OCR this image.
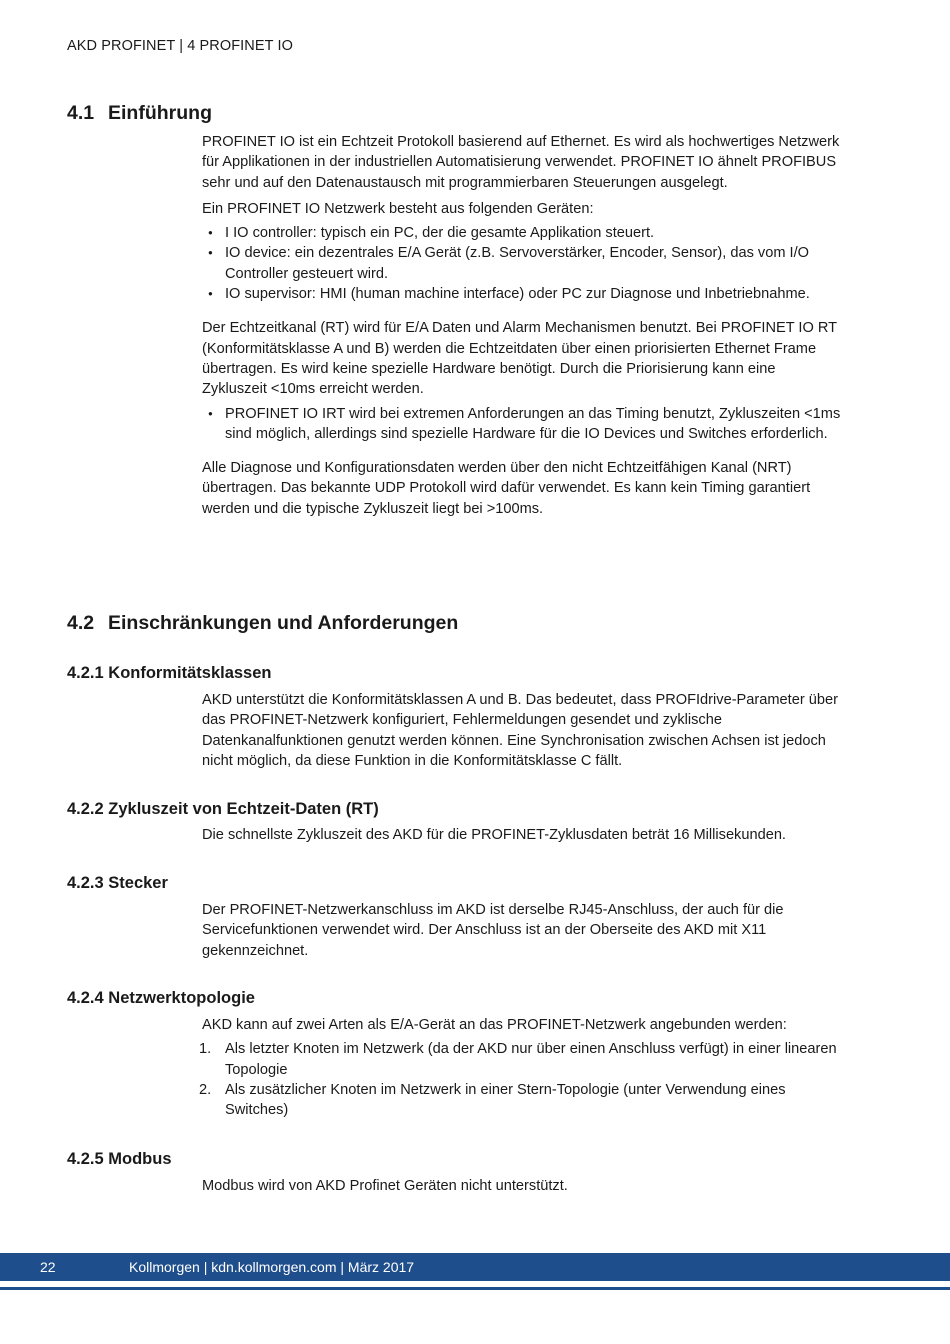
AKD PROFINET | 4 PROFINET IO
4.1 Einführung

PROFINET IO ist ein Echtzeit Protokoll basierend auf Ethernet. Es wird als hochwertiges Netzwerk für Applikationen in der industriellen Automatisierung verwendet. PROFINET IO ähnelt PROFIBUS sehr und auf den Datenaustausch mit programmierbaren Steuerungen ausgelegt.

Ein PROFINET IO Netzwerk besteht aus folgenden Geräten:

● I IO controller: typisch ein PC, der die gesamte Applikation steuert.
● IO device: ein dezentrales E/A Gerät (z.B. Servoverstärker, Encoder, Sensor), das vom I/O Controller gesteuert wird.
● IO supervisor: HMI (human machine interface) oder PC zur Diagnose und Inbetriebnahme.

Der Echtzeitkanal (RT) wird für E/A Daten und Alarm Mechanismen benutzt. Bei PROFINET IO RT (Konformitätsklasse A und B) werden die Echtzeitdaten über einen priorisierten Ethernet Frame übertragen. Es wird keine spezielle Hardware benötigt. Durch die Priorisierung kann eine Zykluszeit <10ms erreicht werden.

● PROFINET IO IRT wird bei extremen Anforderungen an das Timing benutzt, Zykluszeiten <1ms sind möglich, allerdings sind spezielle Hardware für die IO Devices und Switches erforderlich.

Alle Diagnose und Konfigurationsdaten werden über den nicht Echtzeitfähigen Kanal (NRT) übertragen. Das bekannte UDP Protokoll wird dafür verwendet. Es kann kein Timing garantiert werden und die typische Zykluszeit liegt bei >100ms.

4.2 Einschränkungen und Anforderungen
4.2.1 Konformitätsklassen

AKD unterstützt die Konformitätsklassen A und B. Das bedeutet, dass PROFIdrive-Parameter über das PROFINET-Netzwerk konfiguriert, Fehlermeldungen gesendet und zyklische Datenkanalfunktionen genutzt werden können. Eine Synchronisation zwischen Achsen ist jedoch nicht möglich, da diese Funktion in die Konformitätsklasse C fällt.

4.2.2 Zykluszeit von Echtzeit-Daten (RT)

Die schnellste Zykluszeit des AKD für die PROFINET-Zyklusdaten beträt 16 Millisekunden.

4.2.3 Stecker

Der PROFINET-Netzwerkanschluss im AKD ist derselbe RJ45-Anschluss, der auch für die Servicefunktionen verwendet wird. Der Anschluss ist an der Oberseite des AKD mit X11 gekennzeichnet.

4.2.4 Netzwerktopologie

AKD kann auf zwei Arten als E/A-Gerät an das PROFINET-Netzwerk angebunden werden:

1. Als letzter Knoten im Netzwerk (da der AKD nur über einen Anschluss verfügt) in einer linearen Topologie
2. Als zusätzlicher Knoten im Netzwerk in einer Stern-Topologie (unter Verwendung eines Switches)
4.2.5 Modbus

Modbus wird von AKD Profinet Geräten nicht unterstützt.

22	Kollmorgen | kdn.kollmorgen.com | März 2017
